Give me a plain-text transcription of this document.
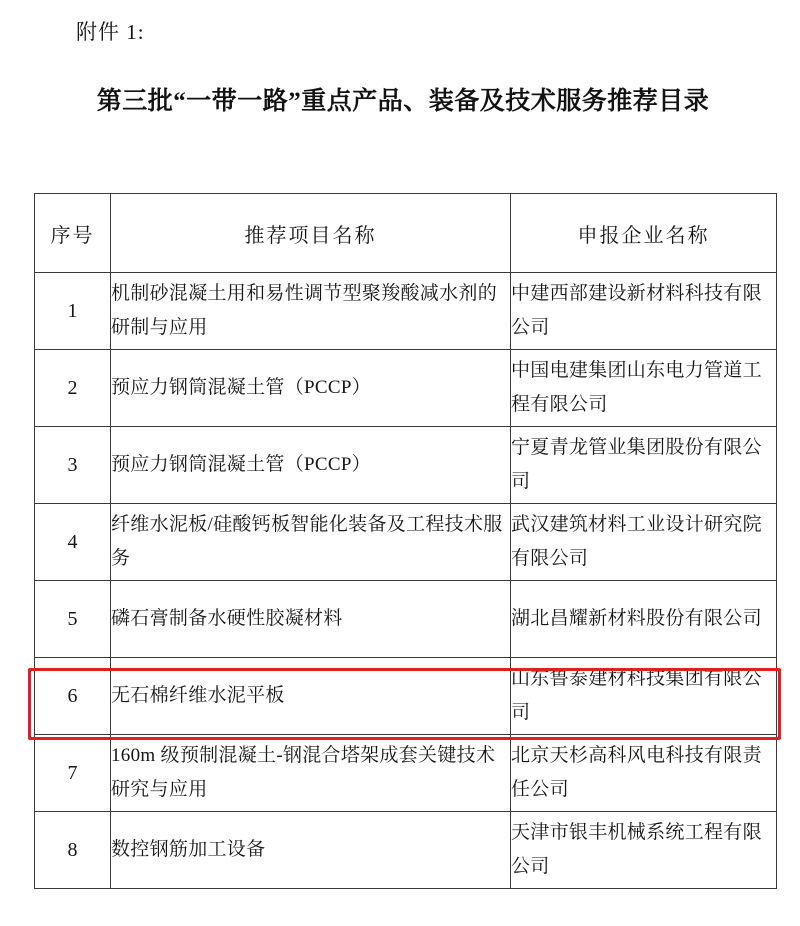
附件 1:
第三批“一带一路”重点产品、装备及技术服务推荐目录
序号	推荐项目名称	申报企业名称
1	机制砂混凝土用和易性调节型聚羧酸减水剂的研制与应用	中建西部建设新材料科技有限公司
2	预应力钢筒混凝土管（PCCP）	中国电建集团山东电力管道工程有限公司
3	预应力钢筒混凝土管（PCCP）	宁夏青龙管业集团股份有限公司
4	纤维水泥板/硅酸钙板智能化装备及工程技术服务	武汉建筑材料工业设计研究院有限公司
5	磷石膏制备水硬性胶凝材料	湖北昌耀新材料股份有限公司
6	无石棉纤维水泥平板	山东鲁泰建材科技集团有限公司
7	160m 级预制混凝土-钢混合塔架成套关键技术研究与应用	北京天杉高科风电科技有限责任公司
8	数控钢筋加工设备	天津市银丰机械系统工程有限公司
